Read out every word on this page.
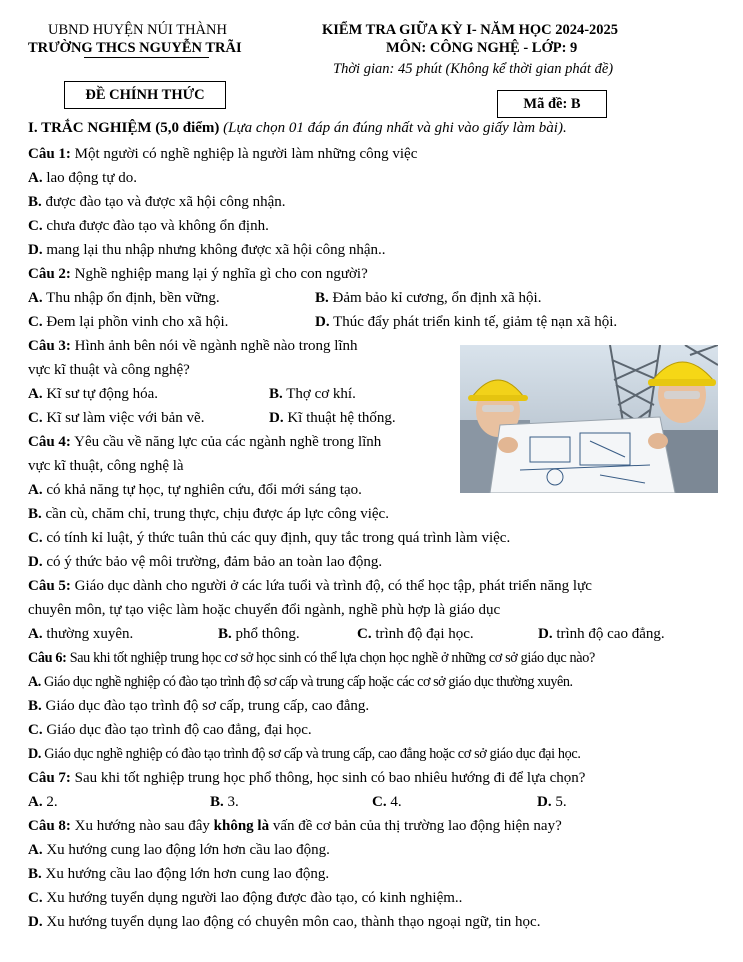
UBND HUYỆN NÚI THÀNH
TRƯỜNG THCS NGUYỄN TRÃI
KIỂM TRA GIỮA KỲ I- NĂM HỌC 2024-2025
MÔN: CÔNG NGHỆ - LỚP: 9
Thời gian: 45 phút (Không kể thời gian phát đề)
ĐỀ CHÍNH THỨC
Mã đề: B
I. TRẮC NGHIỆM (5,0 điểm) (Lựa chọn 01 đáp án đúng nhất và ghi vào giấy làm bài).
Câu 1: Một người có nghề nghiệp là người làm những công việc
A. lao động tự do.
B. được đào tạo và được xã hội công nhận.
C. chưa được đào tạo và không ổn định.
D. mang lại thu nhập nhưng không được xã hội công nhận..
Câu 2: Nghề nghiệp mang lại ý nghĩa gì cho con người?
A. Thu nhập ổn định, bền vững.	B. Đảm bảo kỉ cương, ổn định xã hội.
C. Đem lại phồn vinh cho xã hội.	D. Thúc đẩy phát triển kinh tế, giảm tệ nạn xã hội.
Câu 3: Hình ảnh bên nói về ngành nghề nào trong lĩnh
vực kĩ thuật và công nghệ?
A. Kĩ sư tự động hóa.	B. Thợ cơ khí.
C. Kĩ sư làm việc với bản vẽ.	D. Kĩ thuật hệ thống.
Câu 4: Yêu cầu về năng lực của các ngành nghề trong lĩnh
vực kĩ thuật, công nghệ là
A. có khả năng tự học, tự nghiên cứu, đổi mới sáng tạo.
B. cần cù, chăm chỉ, trung thực, chịu được áp lực công việc.
C. có tính kỉ luật, ý thức tuân thủ các quy định, quy tắc trong quá trình làm việc.
D. có ý thức bảo vệ môi trường, đảm bảo an toàn lao động.
Câu 5: Giáo dục dành cho người ở các lứa tuổi và trình độ, có thể học tập, phát triển năng lực
chuyên môn, tự tạo việc làm hoặc chuyển đổi ngành, nghề phù hợp là giáo dục
A. thường xuyên.	B. phổ thông.	C. trình độ đại học.	D. trình độ cao đẳng.
Câu 6: Sau khi tốt nghiệp trung học cơ sở học sinh có thể lựa chọn học nghề ở những cơ sở giáo dục nào?
A. Giáo dục nghề nghiệp có đào tạo trình độ sơ cấp và trung cấp hoặc các cơ sở giáo dục thường xuyên.
B. Giáo dục đào tạo trình độ sơ cấp, trung cấp, cao đẳng.
C. Giáo dục đào tạo trình độ cao đẳng, đại học.
D. Giáo dục nghề nghiệp có đào tạo trình độ sơ cấp và trung cấp, cao đẳng hoặc cơ sở giáo dục đại học.
Câu 7: Sau khi tốt nghiệp trung học phổ thông, học sinh có bao nhiêu hướng đi để lựa chọn?
A. 2.	B. 3.	C. 4.	D. 5.
Câu 8: Xu hướng nào sau đây không là vấn đề cơ bản của thị trường lao động hiện nay?
A. Xu hướng cung lao động lớn hơn cầu lao động.
B. Xu hướng cầu lao động lớn hơn cung lao động.
C. Xu hướng tuyển dụng người lao động được đào tạo, có kinh nghiệm..
D. Xu hướng tuyển dụng lao động có chuyên môn cao, thành thạo ngoại ngữ, tin học.
